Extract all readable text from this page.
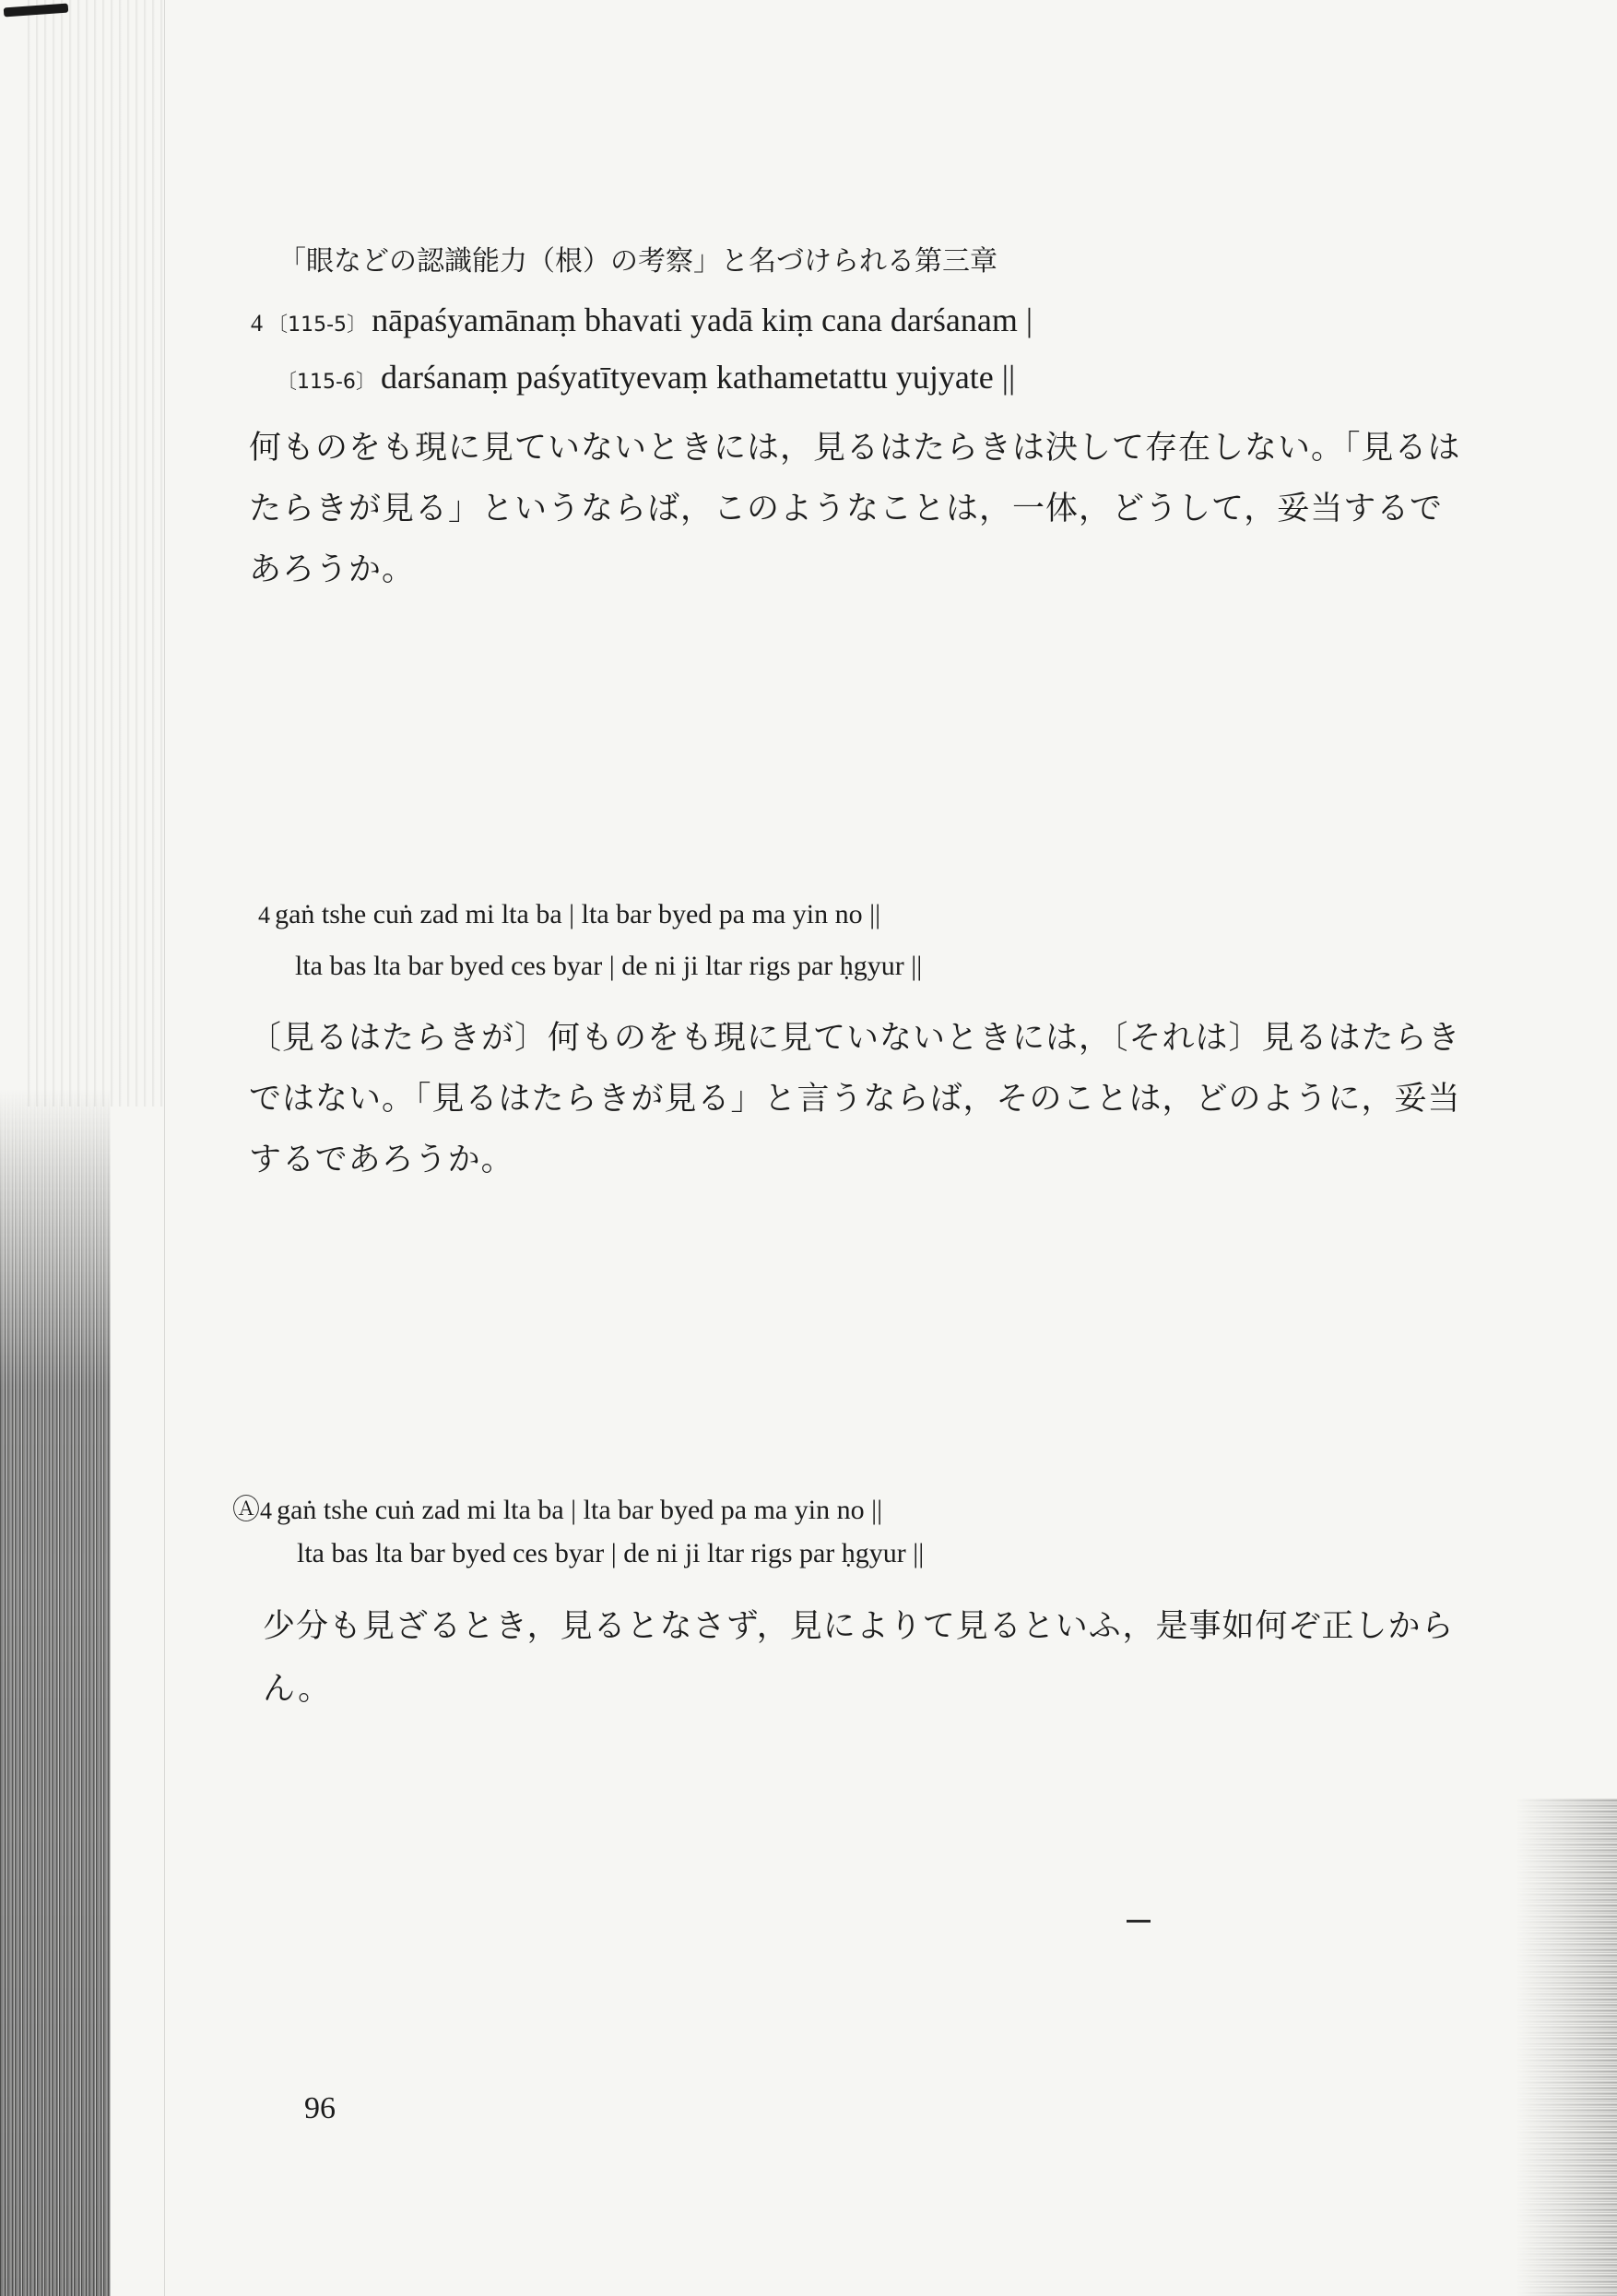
「眼などの認識能力（根）の考察」と名づけられる第三章
4 〔115-5〕 nāpaśyamānaṃ bhavati yadā kiṃ cana darśanam |
〔115-6〕 darśanaṃ paśyatītyevaṃ kathametattu yujyate ||
何ものをも現に見ていないときには，見るはたらきは決して存在しない。「見るは
たらきが見る」というならば，このようなことは，一体，どうして，妥当するで
あろうか。
4 gaṅ tshe cuṅ zad mi lta ba | lta bar byed pa ma yin no ||
lta bas lta bar byed ces byar | de ni ji ltar rigs par ḥgyur ||
〔見るはたらきが〕何ものをも現に見ていないときには，〔それは〕見るはたらき
ではない。「見るはたらきが見る」と言うならば，そのことは，どのように，妥当
するであろうか。
Ⓐ4 gaṅ tshe cuṅ zad mi lta ba | lta bar byed pa ma yin no ||
lta bas lta bar byed ces byar | de ni ji ltar rigs par ḥgyur ||
少分も見ざるとき，見るとなさず，見によりて見るといふ，是事如何ぞ正しから
ん。
96
